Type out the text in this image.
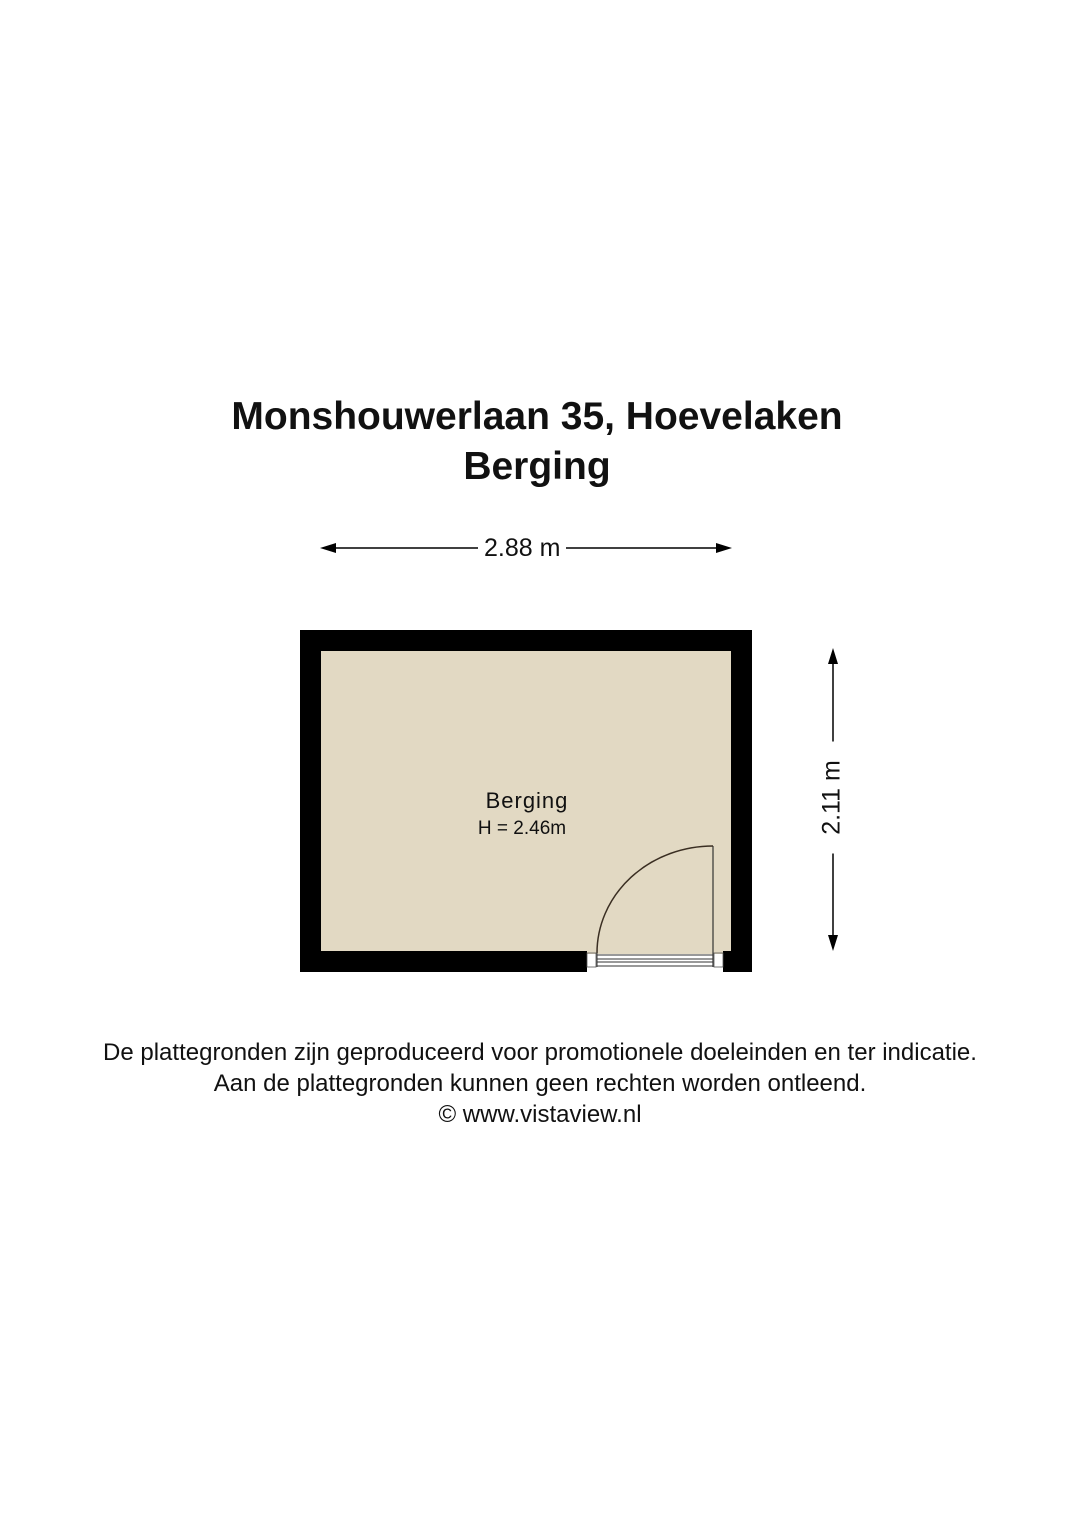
Monshouwerlaan 35, Hoevelaken
Berging
2.88 m
2.11 m
Berging
H = 2.46m
De plattegronden zijn geproduceerd voor promotionele doeleinden en ter indicatie.
Aan de plattegronden kunnen geen rechten worden ontleend.
© www.vistaview.nl
